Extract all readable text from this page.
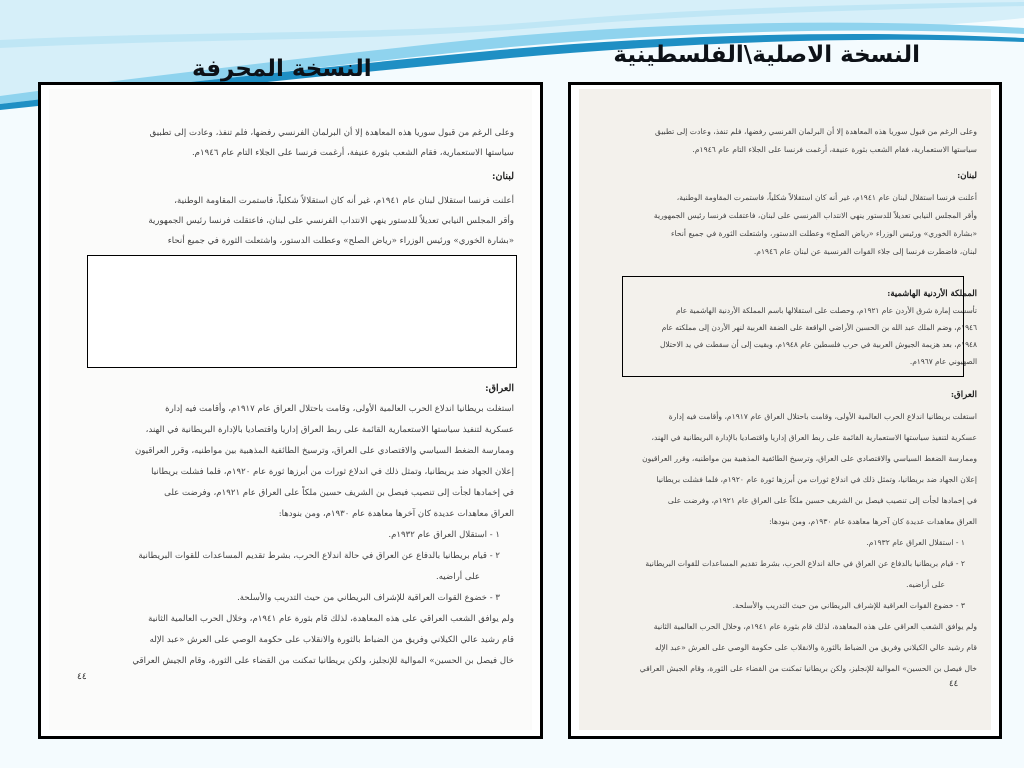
النسخة الاصلية\الفلسطينية
النسخة المحرفة

وعلى الرغم من قبول سوريا هذه المعاهدة إلا أن البرلمان الفرنسي رفضها، فلم تنفذ، وعادت إلى تطبيق

سياستها الاستعمارية، فقام الشعب بثورة عنيفة، أرغمت فرنسا على الجلاء التام عام ١٩٤٦م.

لبنان:

أعلنت فرنسا استقلال لبنان عام ١٩٤١م، غير أنه كان استقلالاً شكلياً، فاستمرت المقاومة الوطنية،

وأقر المجلس النيابي تعديلاً للدستور ينهي الانتداب الفرنسي على لبنان، فاعتقلت فرنسا رئيس الجمهورية

«بشارة الخوري» ورئيس الوزراء «رياض الصلح» وعطلت الدستور، واشتعلت الثورة في جميع أنحاء

العراق:

استغلت بريطانيا اندلاع الحرب العالمية الأولى، وقامت باحتلال العراق عام ١٩١٧م، وأقامت فيه إدارة

عسكرية لتنفيذ سياستها الاستعمارية القائمة على ربط العراق إداريا واقتصاديا بالإدارة البريطانية في الهند،

وممارسة الضغط السياسي والاقتصادي على العراق، وترسيخ الطائفية المذهبية بين مواطنيه، وقرر العراقيون

إعلان الجهاد ضد بريطانيا، وتمثل ذلك في اندلاع ثورات من أبرزها ثورة عام ١٩٢٠م، فلما فشلت بريطانيا

في إخمادها لجأت إلى تنصيب فيصل بن الشريف حسين ملكاً على العراق عام ١٩٢١م، وفرضت على

العراق معاهدات عديدة كان آخرها معاهدة عام ١٩٣٠م، ومن بنودها:

١ - استقلال العراق عام ١٩٣٢م.

٢ - قيام بريطانيا بالدفاع عن العراق في حالة اندلاع الحرب، بشرط تقديم المساعدات للقوات البريطانية

على أراضيه.

٣ - خضوع القوات العراقية للإشراف البريطاني من حيث التدريب والأسلحة.

ولم يوافق الشعب العراقي على هذه المعاهدة، لذلك قام بثورة عام ١٩٤١م، وخلال الحرب العالمية الثانية

قام رشيد عالي الكيلاني وفريق من الضباط بالثورة والانقلاب على حكومة الوصي على العرش «عبد الإله

خال فيصل بن الحسين» الموالية للإنجليز، ولكن بريطانيا تمكنت من القضاء على الثورة، وقام الجيش العراقي

٤٤

وعلى الرغم من قبول سوريا هذه المعاهدة إلا أن البرلمان الفرنسي رفضها، فلم تنفذ، وعادت إلى تطبيق

سياستها الاستعمارية، فقام الشعب بثورة عنيفة، أرغمت فرنسا على الجلاء التام عام ١٩٤٦م.

لبنان:

أعلنت فرنسا استقلال لبنان عام ١٩٤١م، غير أنه كان استقلالاً شكلياً، فاستمرت المقاومة الوطنية،

وأقر المجلس النيابي تعديلاً للدستور ينهي الانتداب الفرنسي على لبنان، فاعتقلت فرنسا رئيس الجمهورية

«بشارة الخوري» ورئيس الوزراء «رياض الصلح» وعطلت الدستور، واشتعلت الثورة في جميع أنحاء

لبنان، فاضطرت فرنسا إلى جلاء القوات الفرنسية عن لبنان عام ١٩٤٦م.

المملكة الأردنية الهاشمية:

تأسست إمارة شرق الأردن عام ١٩٢١م، وحصلت على استقلالها باسم المملكة الأردنية الهاشمية عام

١٩٤٦م، وضم الملك عبد الله بن الحسين الأراضي الواقعة على الضفة الغربية لنهر الأردن إلى مملكته عام

١٩٤٨م، بعد هزيمة الجيوش العربية في حرب فلسطين عام ١٩٤٨م، وبقيت إلى أن سقطت في يد الاحتلال

الصهيوني عام ١٩٦٧م.

العراق:

استغلت بريطانيا اندلاع الحرب العالمية الأولى، وقامت باحتلال العراق عام ١٩١٧م، وأقامت فيه إدارة

عسكرية لتنفيذ سياستها الاستعمارية القائمة على ربط العراق إداريا واقتصاديا بالإدارة البريطانية في الهند،

وممارسة الضغط السياسي والاقتصادي على العراق، وترسيخ الطائفية المذهبية بين مواطنيه، وقرر العراقيون

إعلان الجهاد ضد بريطانيا، وتمثل ذلك في اندلاع ثورات من أبرزها ثورة عام ١٩٢٠م، فلما فشلت بريطانيا

في إخمادها لجأت إلى تنصيب فيصل بن الشريف حسين ملكاً على العراق عام ١٩٢١م، وفرضت على

العراق معاهدات عديدة كان آخرها معاهدة عام ١٩٣٠م، ومن بنودها:

١ - استقلال العراق عام ١٩٣٢م.

٢ - قيام بريطانيا بالدفاع عن العراق في حالة اندلاع الحرب، بشرط تقديم المساعدات للقوات البريطانية

على أراضيه.

٣ - خضوع القوات العراقية للإشراف البريطاني من حيث التدريب والأسلحة.

ولم يوافق الشعب العراقي على هذه المعاهدة، لذلك قام بثورة عام ١٩٤١م، وخلال الحرب العالمية الثانية

قام رشيد عالي الكيلاني وفريق من الضباط بالثورة والانقلاب على حكومة الوصي على العرش «عبد الإله

خال فيصل بن الحسين» الموالية للإنجليز، ولكن بريطانيا تمكنت من القضاء على الثورة، وقام الجيش العراقي

٤٤
